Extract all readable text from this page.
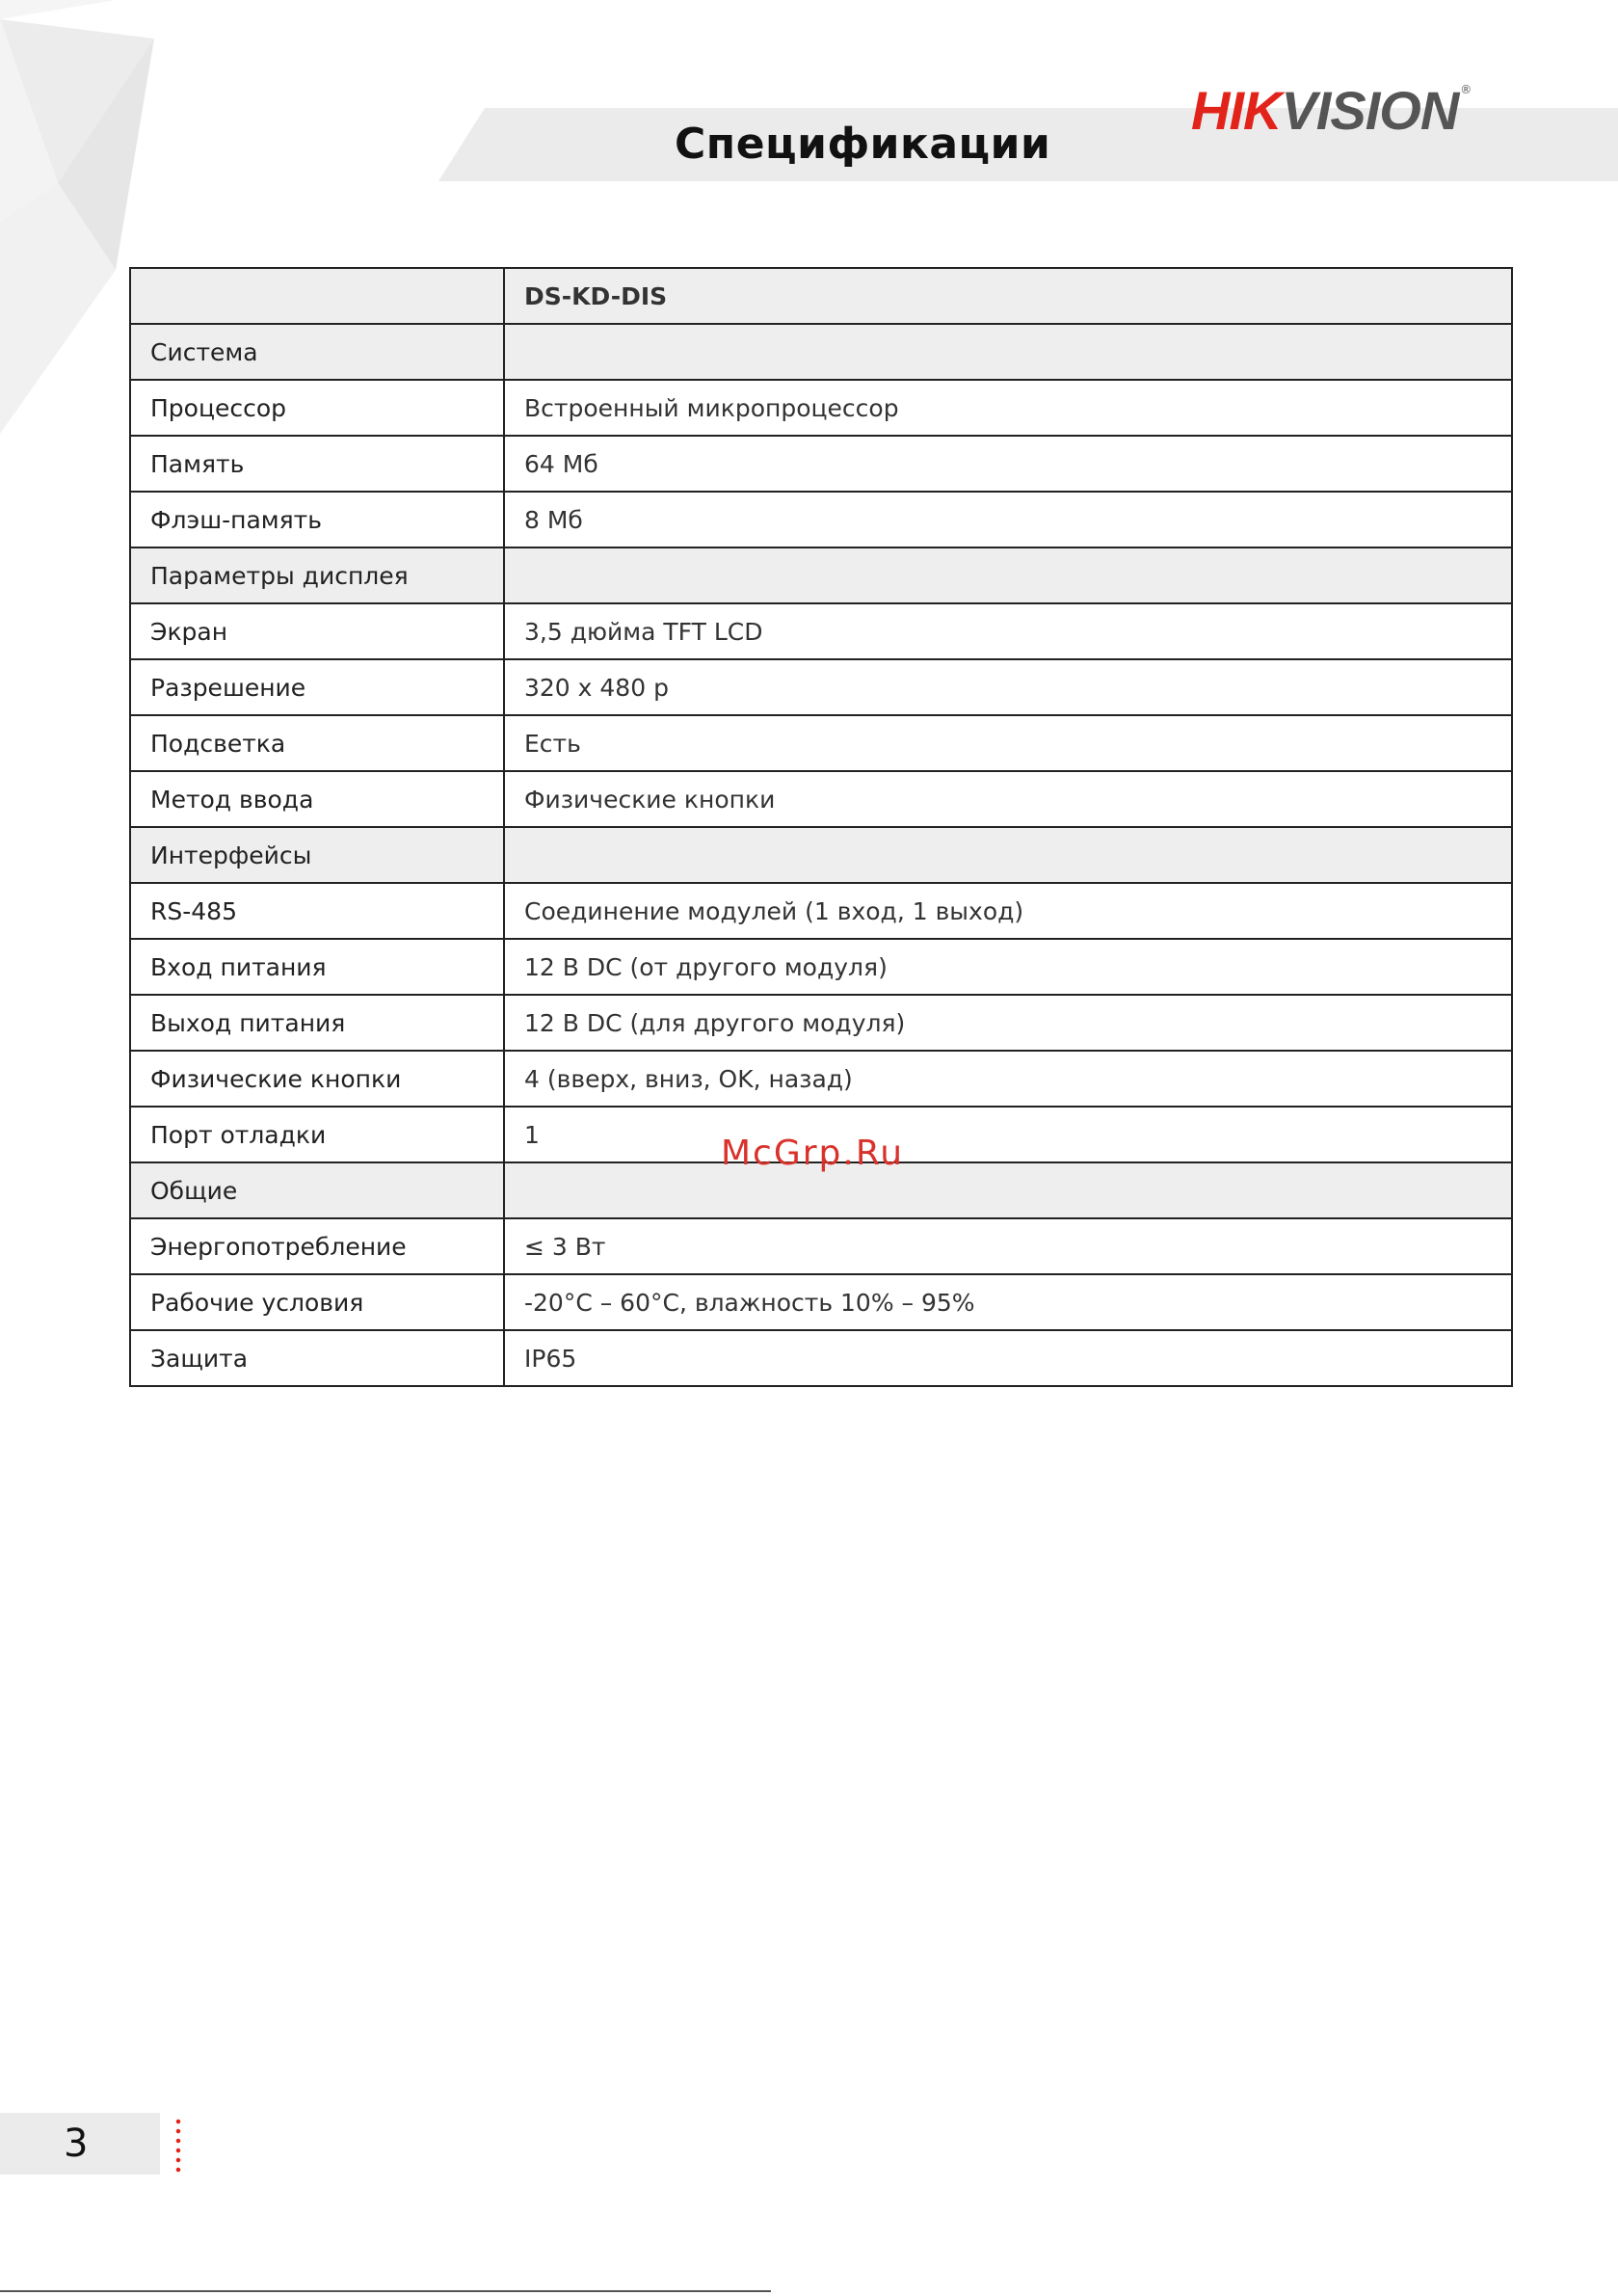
Спецификации
HIKVISION ®
	DS-KD-DIS
Система	
Процессор	Встроенный микропроцессор
Память	64 Мб
Флэш-память	8 Мб
Параметры дисплея	
Экран	3,5 дюйма TFT LCD
Разрешение	320 x 480 p
Подсветка	Есть
Метод ввода	Физические кнопки
Интерфейсы	
RS-485	Соединение модулей (1 вход, 1 выход)
Вход питания	12 В DC (от другого модуля)
Выход питания	12 В DC (для другого модуля)
Физические кнопки	4 (вверх, вниз, OK, назад)
Порт отладки	1
Общие	
Энергопотребление	≤ 3 Вт
Рабочие условия	-20°C – 60°C, влажность 10% – 95%
Защита	IP65
McGrp.Ru
3
